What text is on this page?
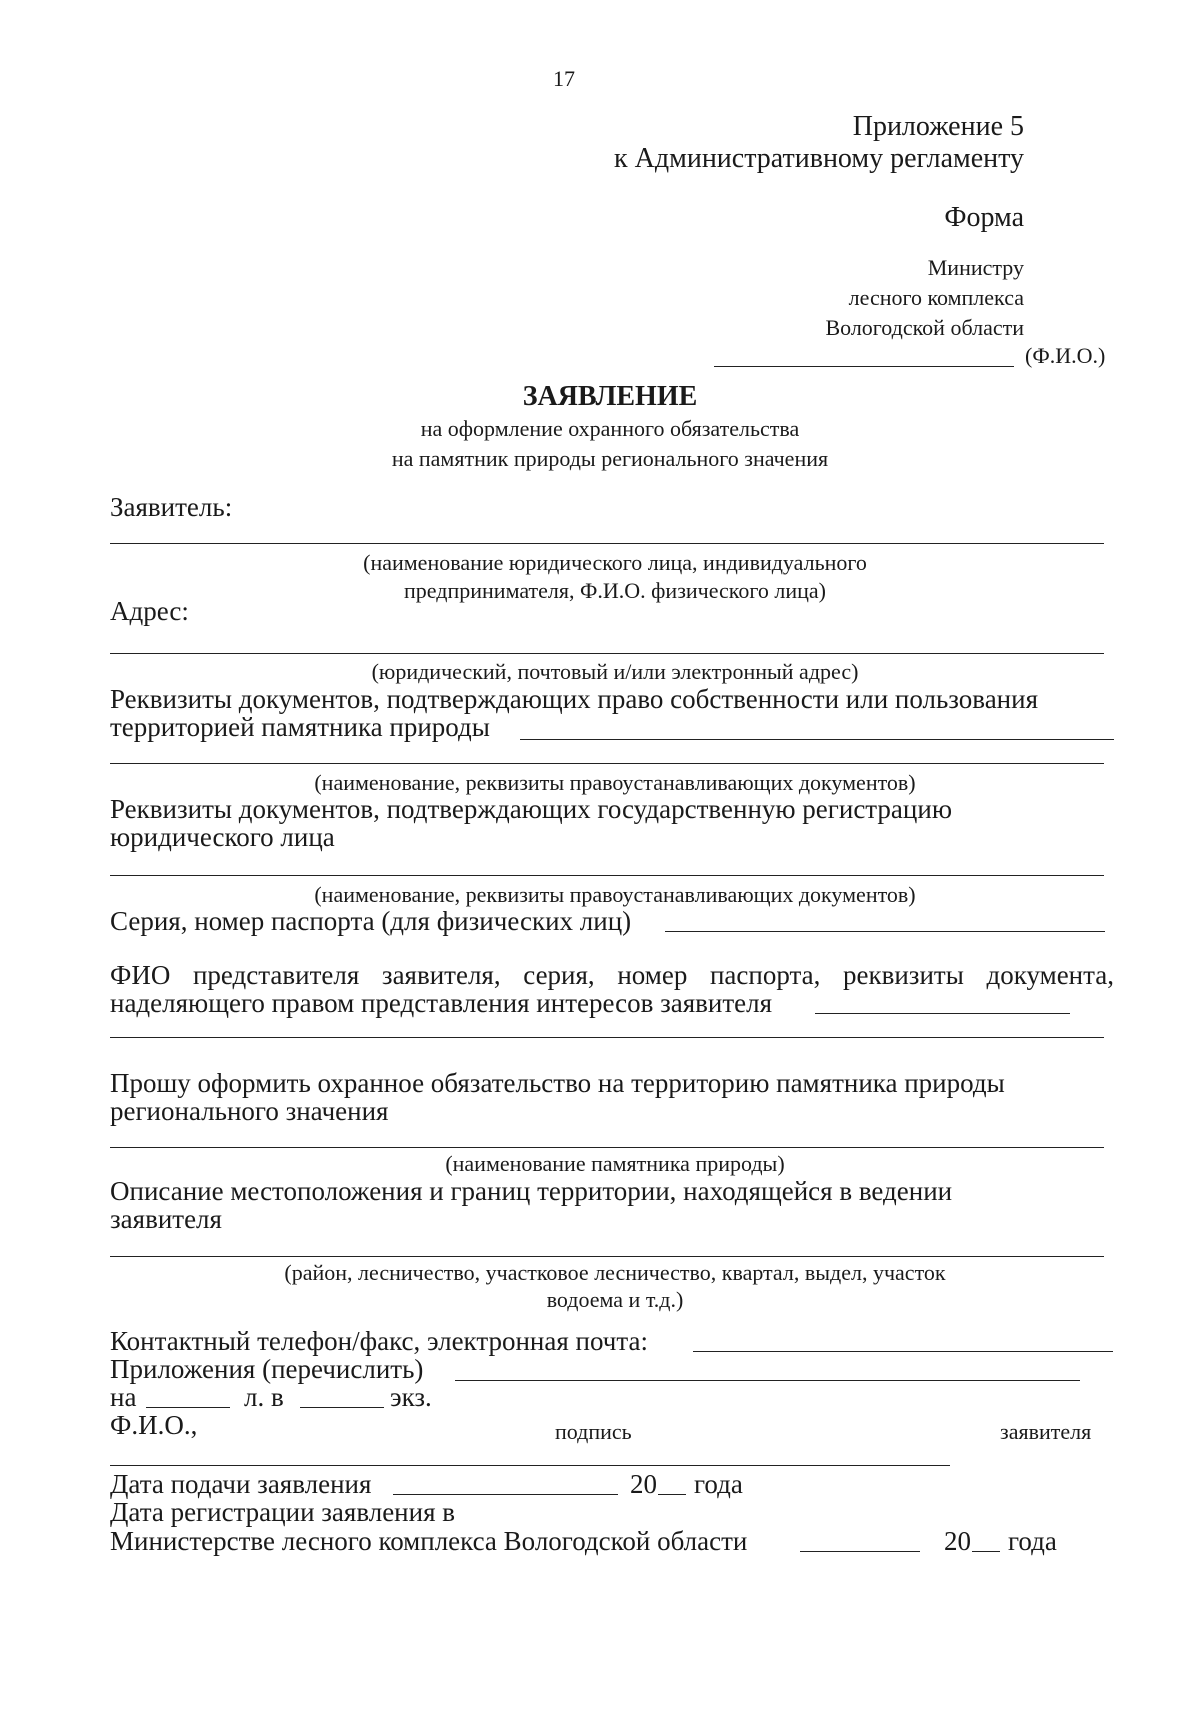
17
Приложение 5
к Административному регламенту
Форма
Министру
лесного комплекса
Вологодской области
(Ф.И.О.)
ЗАЯВЛЕНИЕ
на оформление охранного обязательства
на памятник природы регионального значения
Заявитель:
(наименование юридического лица, индивидуального
предпринимателя, Ф.И.О. физического лица)
Адрес:
(юридический, почтовый и/или электронный адрес)
Реквизиты документов, подтверждающих право собственности или пользования
территорией памятника природы
(наименование, реквизиты правоустанавливающих документов)
Реквизиты документов, подтверждающих государственную регистрацию
юридического лица
(наименование, реквизиты правоустанавливающих документов)
Серия, номер паспорта (для физических лиц)
ФИО представителя заявителя, серия, номер паспорта, реквизиты документа,
наделяющего правом представления интересов заявителя
Прошу оформить охранное обязательство на территорию памятника природы
регионального значения
(наименование памятника природы)
Описание местоположения и границ территории, находящейся в ведении
заявителя
(район, лесничество, участковое лесничество, квартал, выдел, участок
водоема и т.д.)
Контактный телефон/факс, электронная почта:
Приложения (перечислить)
на	л. в	экз.
Ф.И.О.,	подпись	заявителя
Дата подачи заявления	20 года
Дата регистрации заявления в
Министерстве лесного комплекса Вологодской области	20 года
